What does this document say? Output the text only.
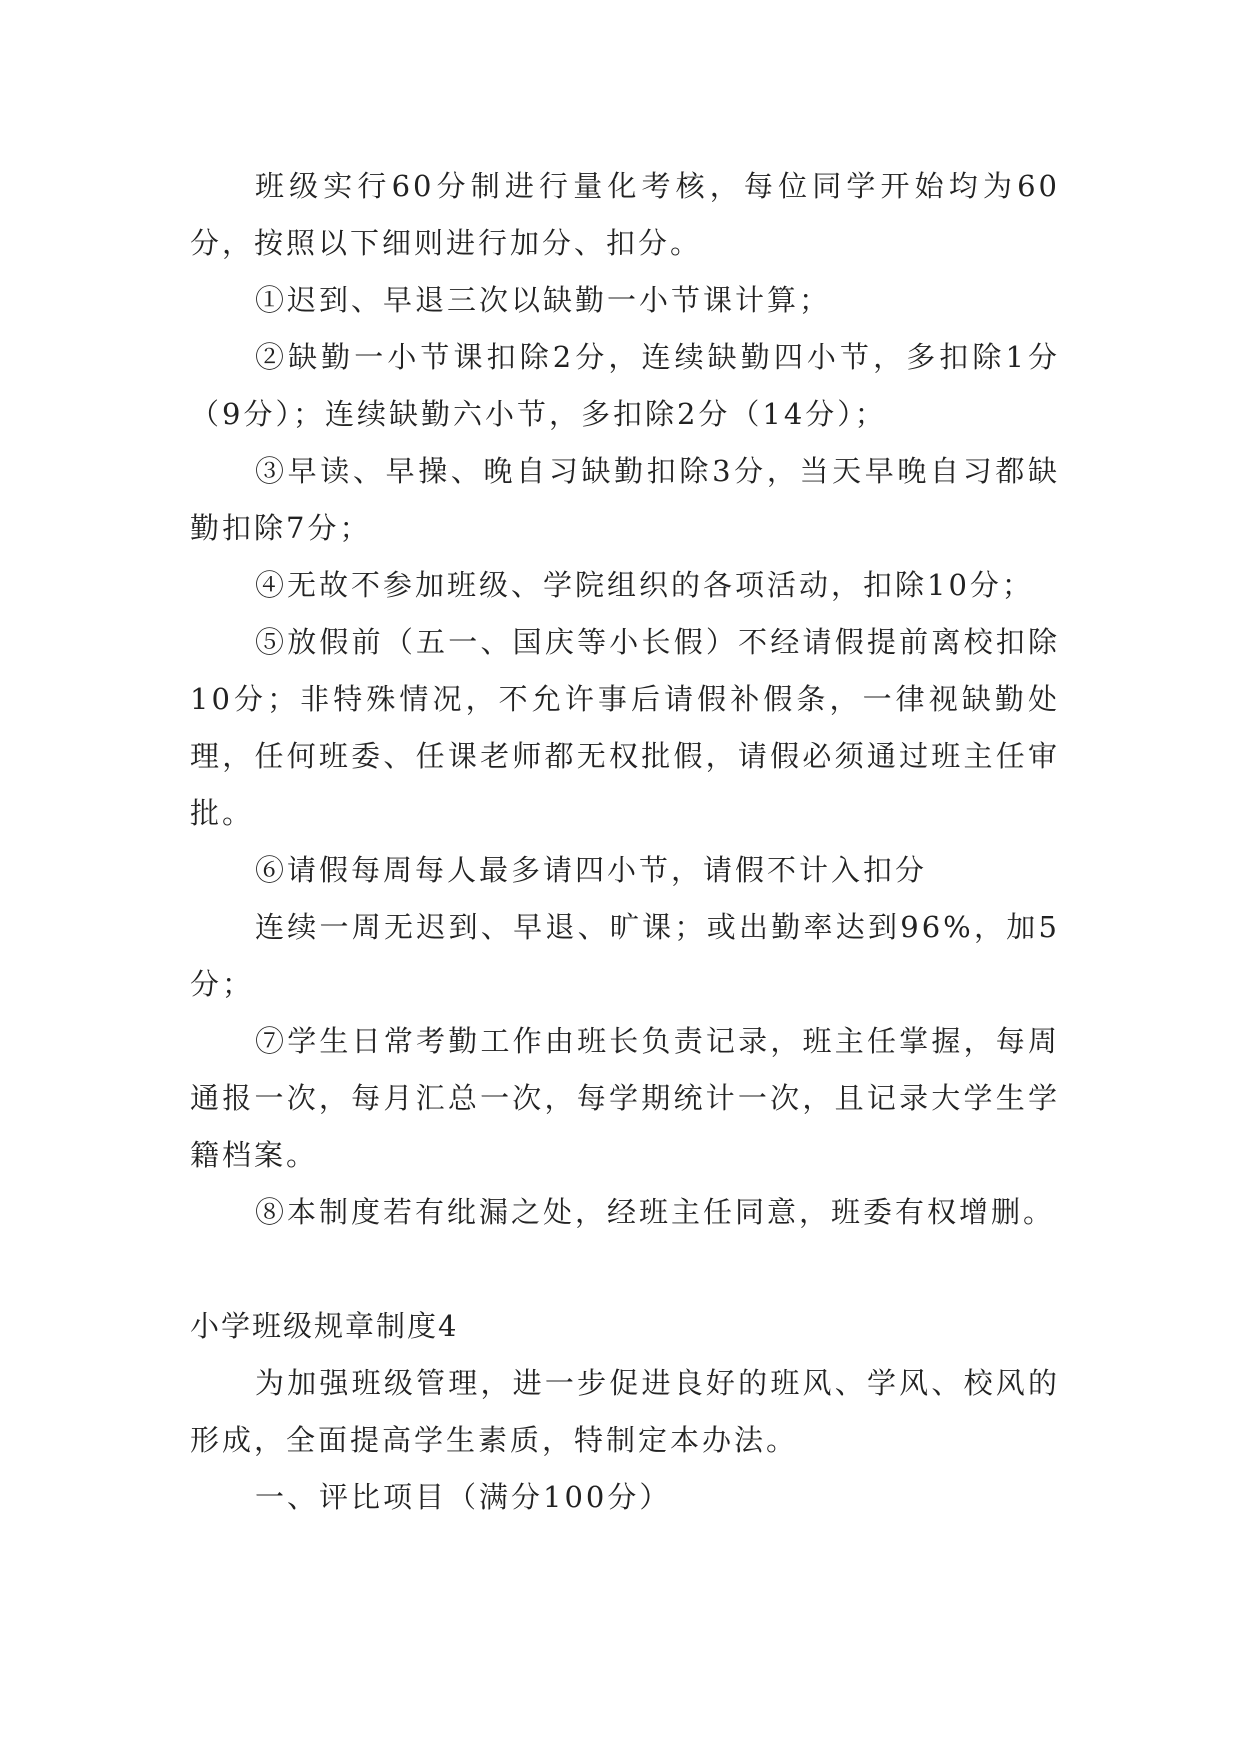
班级实行60分制进行量化考核，每位同学开始均为60分，按照以下细则进行加分、扣分。

①迟到、早退三次以缺勤一小节课计算；

②缺勤一小节课扣除2分，连续缺勤四小节，多扣除1分（9分）；连续缺勤六小节，多扣除2分（14分）；

③早读、早操、晚自习缺勤扣除3分，当天早晚自习都缺勤扣除7分；

④无故不参加班级、学院组织的各项活动，扣除10分；

⑤放假前（五一、国庆等小长假）不经请假提前离校扣除10分；非特殊情况，不允许事后请假补假条，一律视缺勤处理，任何班委、任课老师都无权批假，请假必须通过班主任审批。

⑥请假每周每人最多请四小节，请假不计入扣分

连续一周无迟到、早退、旷课；或出勤率达到96%，加5分；

⑦学生日常考勤工作由班长负责记录，班主任掌握，每周通报一次，每月汇总一次，每学期统计一次，且记录大学生学籍档案。

⑧本制度若有纰漏之处，经班主任同意，班委有权增删。

小学班级规章制度4

为加强班级管理，进一步促进良好的班风、学风、校风的形成，全面提高学生素质，特制定本办法。

一、评比项目（满分100分）
